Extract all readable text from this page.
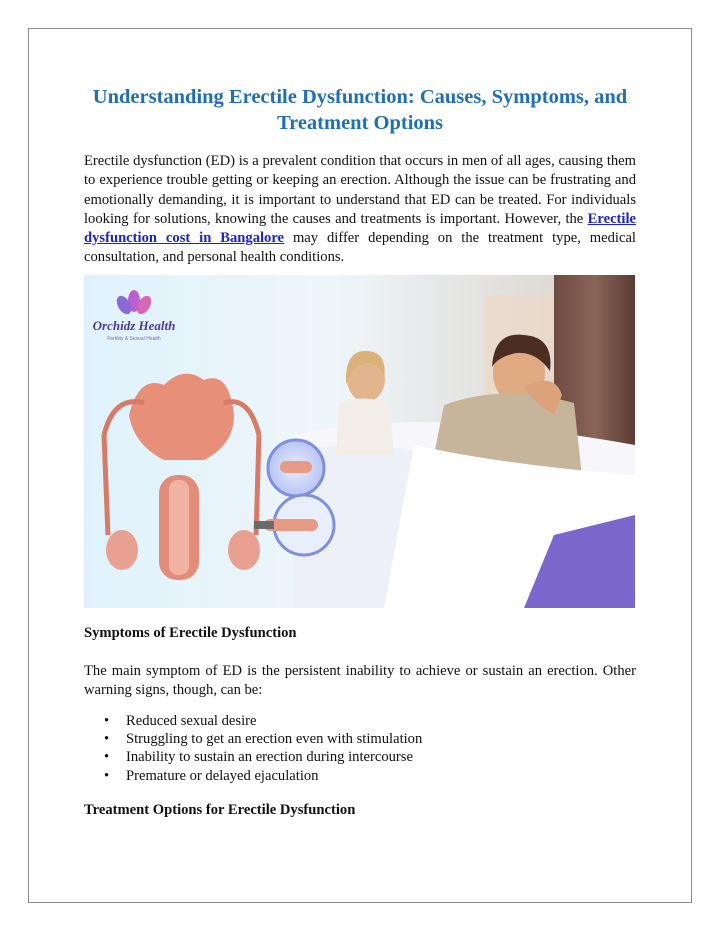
Understanding Erectile Dysfunction: Causes, Symptoms, and Treatment Options

Erectile dysfunction (ED) is a prevalent condition that occurs in men of all ages, causing them to experience trouble getting or keeping an erection. Although the issue can be frustrating and emotionally demanding, it is important to understand that ED can be treated. For individuals looking for solutions, knowing the causes and treatments is important. However, the Erectile dysfunction cost in Bangalore may differ depending on the treatment type, medical consultation, and personal health conditions.

Orchidz Health
Fertility & Sexual Health
Symptoms of Erectile Dysfunction

The main symptom of ED is the persistent inability to achieve or sustain an erection. Other warning signs, though, can be:

• Reduced sexual desire
• Struggling to get an erection even with stimulation
• Inability to sustain an erection during intercourse
• Premature or delayed ejaculation
Treatment Options for Erectile Dysfunction
